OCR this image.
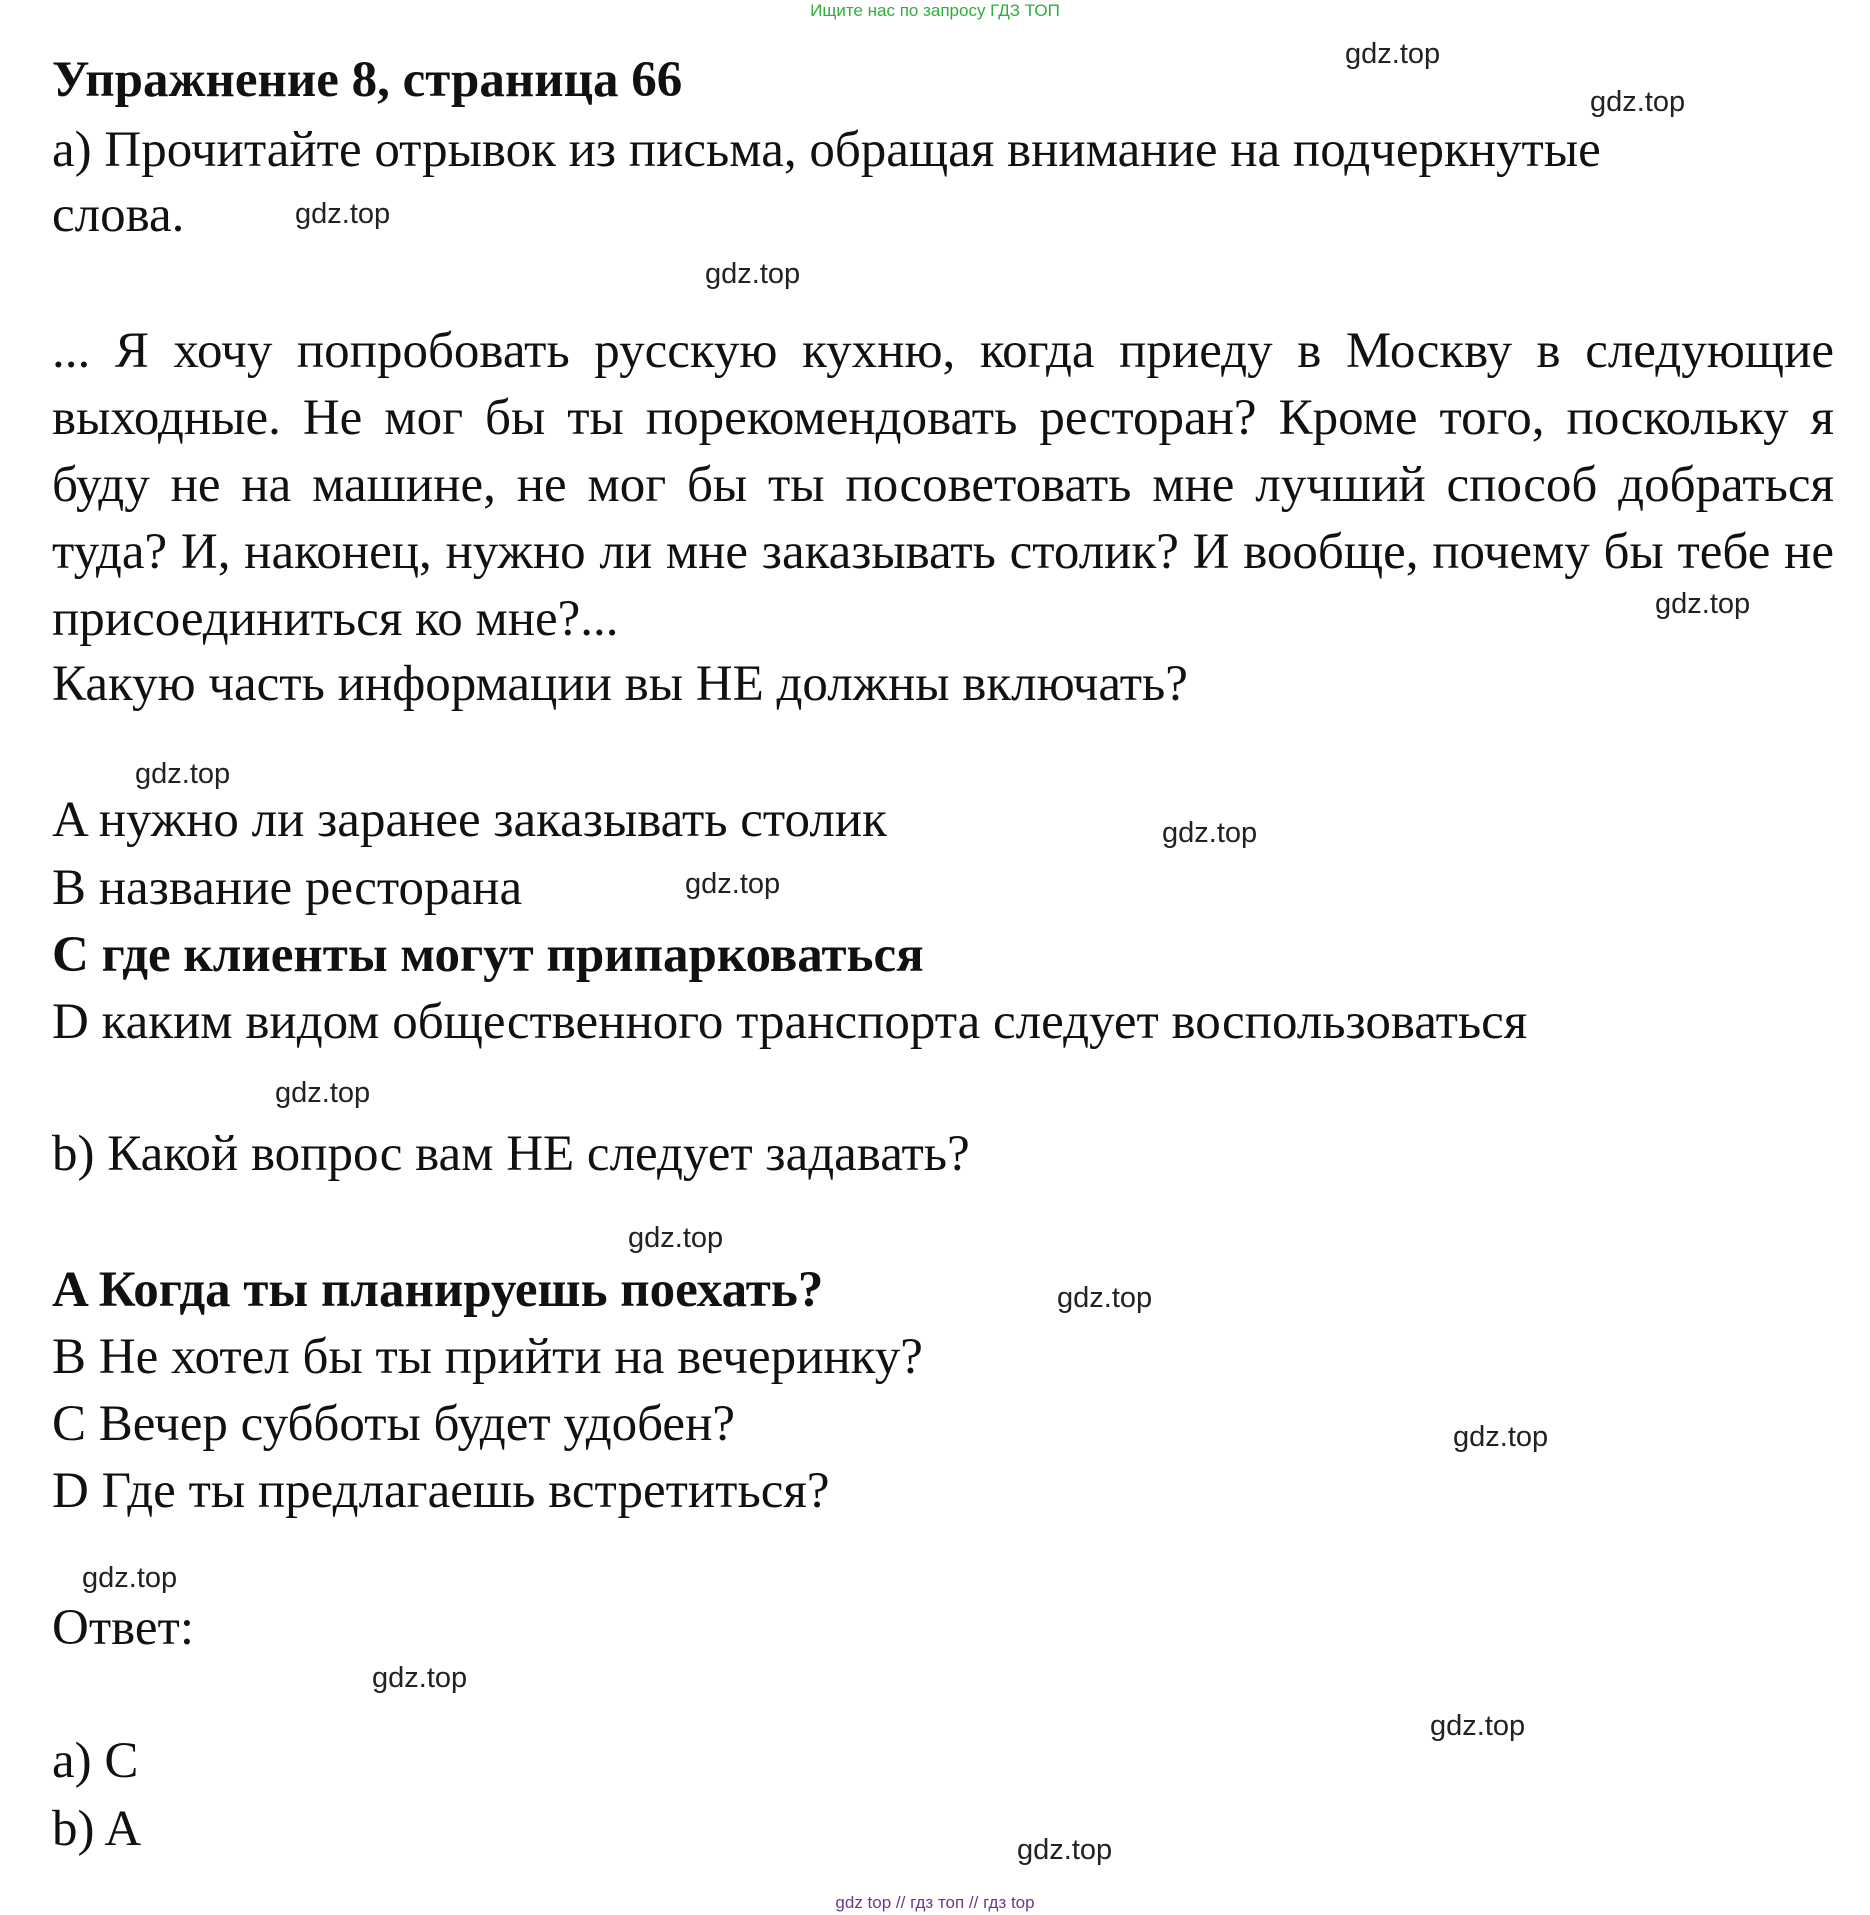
Ищите нас по запросу ГДЗ ТОП
Упражнение 8, страница 66
a) Прочитайте отрывок из письма, обращая внимание на подчеркнутые
слова.
... Я хочу попробовать русскую кухню, когда приеду в Москву в следующие выходные. Не мог бы ты порекомендовать ресторан? Кроме того, поскольку я буду не на машине, не мог бы ты посоветовать мне лучший способ добраться туда? И, наконец, нужно ли мне заказывать столик? И вообще, почему бы тебе не присоединиться ко мне?...
Какую часть информации вы НЕ должны включать?
A нужно ли заранее заказывать столик
B название ресторана
C где клиенты могут припарковаться
D каким видом общественного транспорта следует воспользоваться
b) Какой вопрос вам НЕ следует задавать?
A Когда ты планируешь поехать?
B Не хотел бы ты прийти на вечеринку?
C Вечер субботы будет удобен?
D Где ты предлагаешь встретиться?
Ответ:
a) C
b) A
gdz.top
gdz.top
gdz.top
gdz.top
gdz.top
gdz.top
gdz.top
gdz.top
gdz.top
gdz.top
gdz.top
gdz.top
gdz.top
gdz.top
gdz.top
gdz.top
gdz top // гдз топ // гдз top
